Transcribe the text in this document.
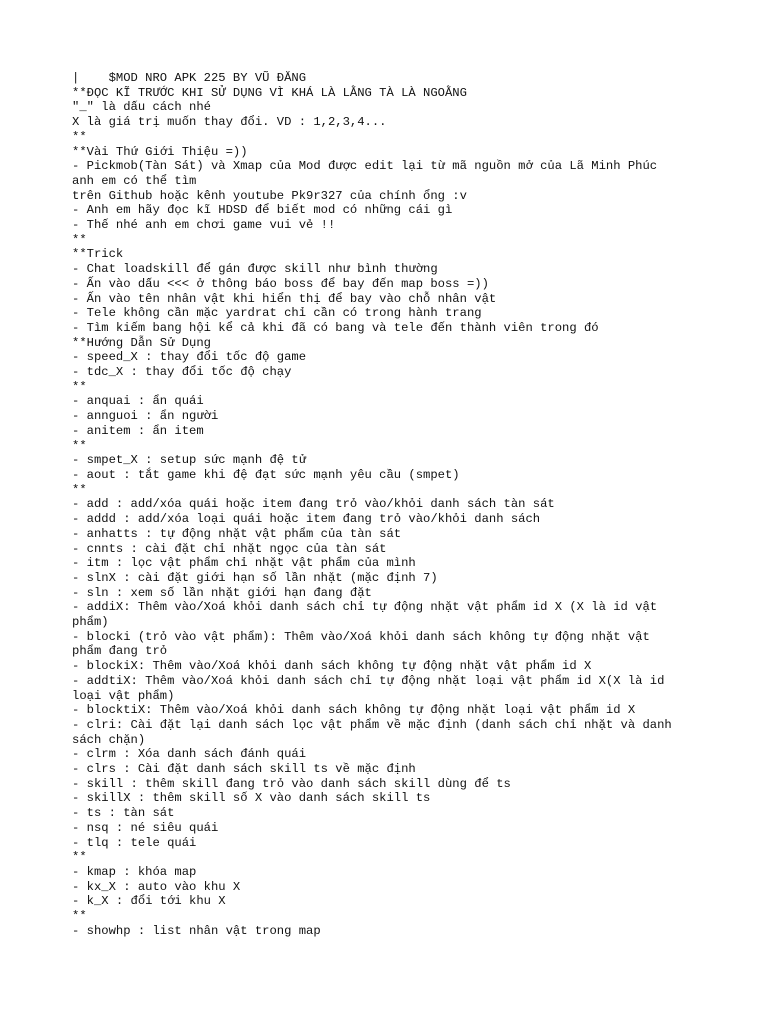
|    $MOD NRO APK 225 BY VŨ ĐĂNG
**ĐỌC KĨ TRƯỚC KHI SỬ DỤNG VÌ KHÁ LÀ LẰNG TÀ LÀ NGOẰNG
"_" là dấu cách nhé
X là giá trị muốn thay đổi. VD : 1,2,3,4...
**
**Vài Thứ Giới Thiệu =))
- Pickmob(Tàn Sát) và Xmap của Mod được edit lại từ mã nguồn mở của Lã Minh Phúc
anh em có thể tìm
trên Github hoặc kênh youtube Pk9r327 của chính ổng :v
- Anh em hãy đọc kĩ HDSD để biết mod có những cái gì
- Thế nhé anh em chơi game vui vẻ !!
**
**Trick
- Chat loadskill để gán được skill như bình thường
- Ấn vào dấu <<< ở thông báo boss để bay đến map boss =))
- Ấn vào tên nhân vật khi hiển thị để bay vào chỗ nhân vật
- Tele không cần mặc yardrat chỉ cần có trong hành trang
- Tìm kiếm bang hội kể cả khi đã có bang và tele đến thành viên trong đó
**Hướng Dẫn Sử Dụng
- speed_X : thay đổi tốc độ game
- tdc_X : thay đổi tốc độ chạy
**
- anquai : ẩn quái
- annguoi : ẩn người
- anitem : ẩn item
**
- smpet_X : setup sức mạnh đệ tử
- aout : tắt game khi đệ đạt sức mạnh yêu cầu (smpet)
**
- add : add/xóa quái hoặc item đang trỏ vào/khỏi danh sách tàn sát
- addd : add/xóa loại quái hoặc item đang trỏ vào/khỏi danh sách
- anhatts : tự động nhặt vật phẩm của tàn sát
- cnnts : cài đặt chỉ nhặt ngọc của tàn sát
- itm : lọc vật phẩm chỉ nhặt vật phẩm của mình
- slnX : cài đặt giới hạn số lần nhặt (mặc định 7)
- sln : xem số lần nhặt giới hạn đang đặt
- addiX: Thêm vào/Xoá khỏi danh sách chỉ tự động nhặt vật phẩm id X (X là id vật
phẩm)
- blocki (trỏ vào vật phẩm): Thêm vào/Xoá khỏi danh sách không tự động nhặt vật
phẩm đang trỏ
- blockiX: Thêm vào/Xoá khỏi danh sách không tự động nhặt vật phẩm id X
- addtiX: Thêm vào/Xoá khỏi danh sách chỉ tự động nhặt loại vật phẩm id X(X là id
loại vật phẩm)
- blocktiX: Thêm vào/Xoá khỏi danh sách không tự động nhặt loại vật phẩm id X
- clri: Cài đặt lại danh sách lọc vật phẩm về mặc định (danh sách chỉ nhặt và danh
sách chặn)
- clrm : Xóa danh sách đánh quái
- clrs : Cài đặt danh sách skill ts về mặc định
- skill : thêm skill đang trỏ vào danh sách skill dùng để ts
- skillX : thêm skill số X vào danh sách skill ts
- ts : tàn sát
- nsq : né siêu quái
- tlq : tele quái
**
- kmap : khóa map
- kx_X : auto vào khu X
- k_X : đổi tới khu X
**
- showhp : list nhân vật trong map
